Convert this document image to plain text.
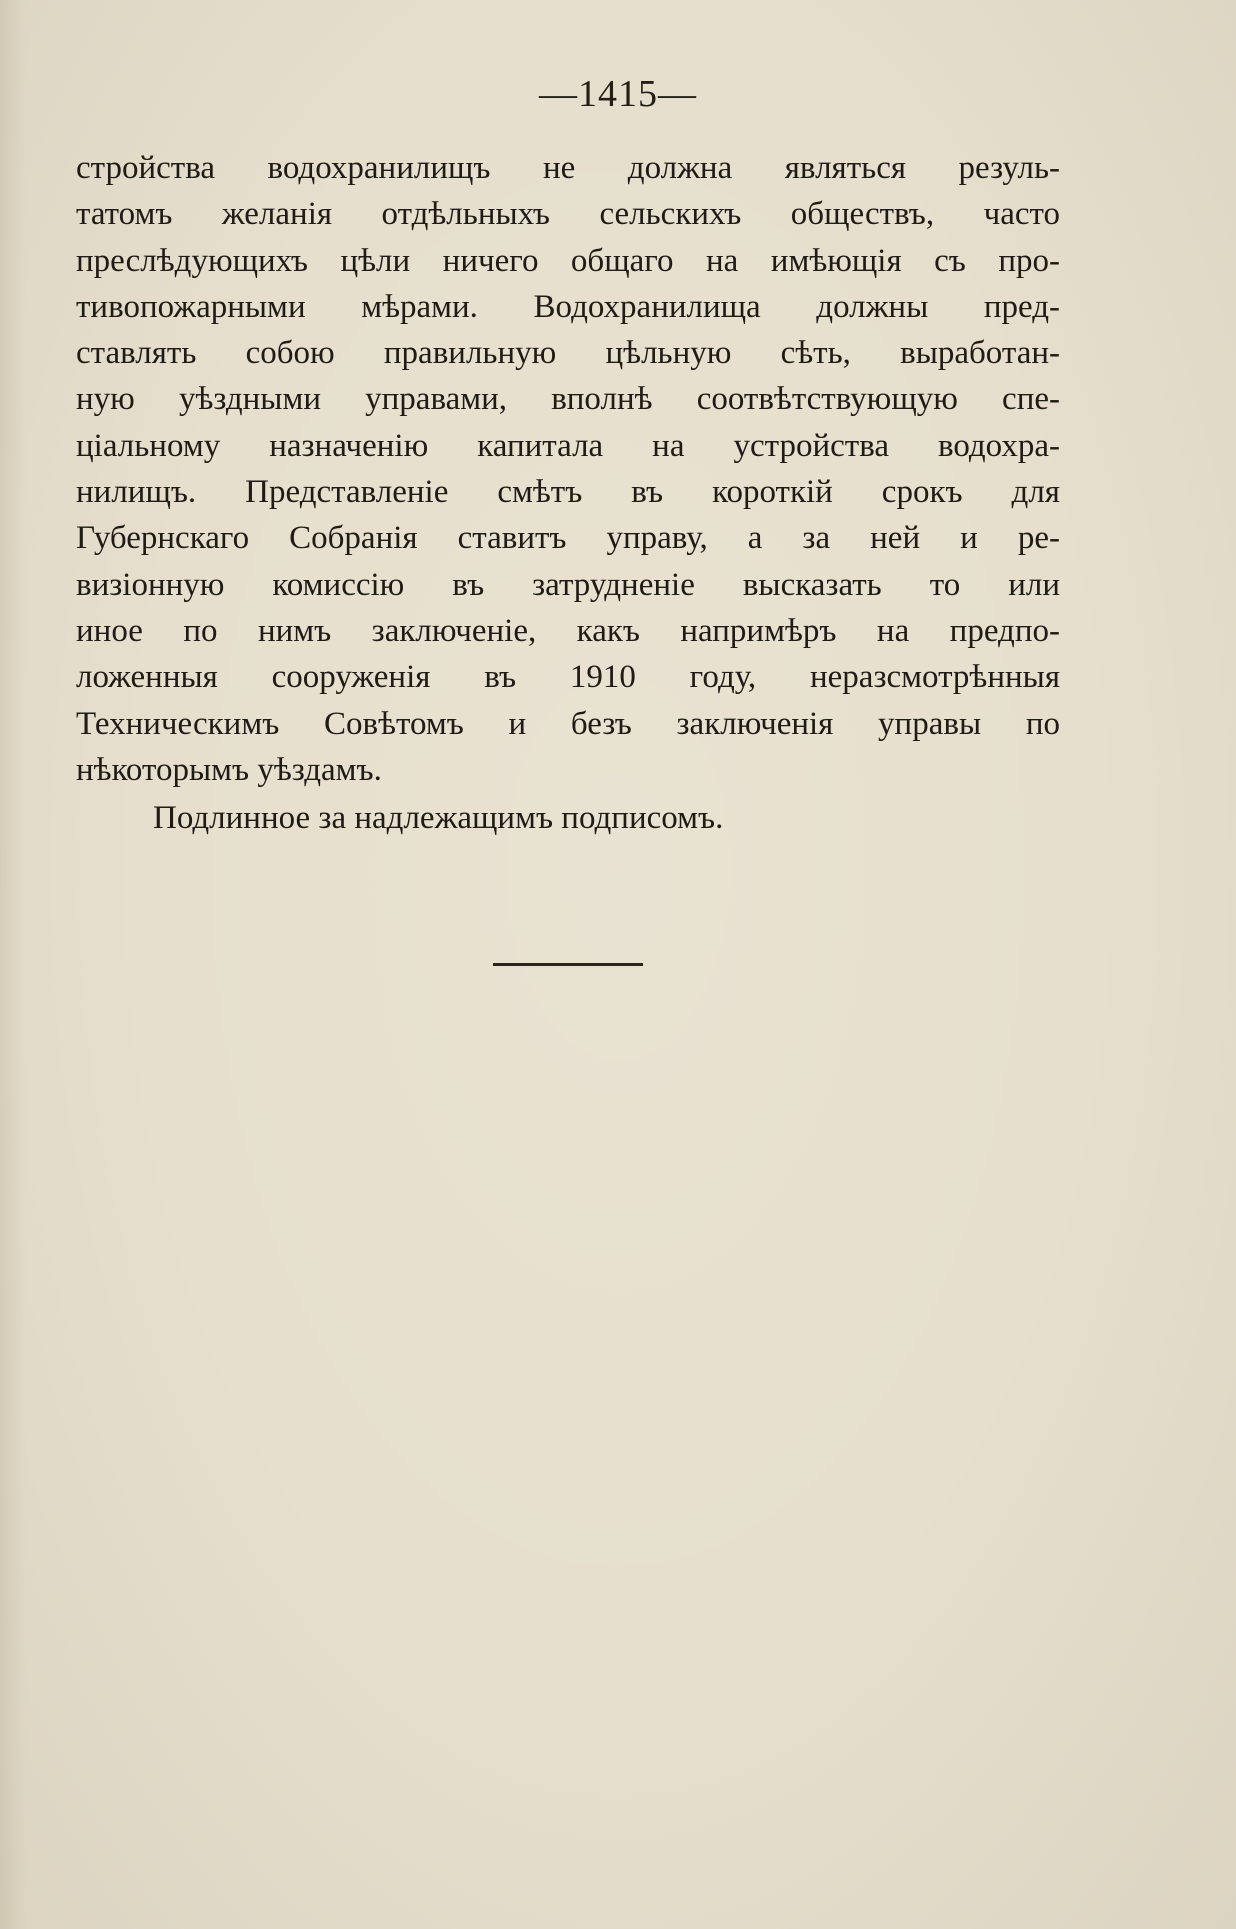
—1415—
стройства водохранилищъ не должна являться резуль-
татомъ желанія отдѣльныхъ сельскихъ обществъ, часто
преслѣдующихъ цѣли ничего общаго на имѣющія съ про-
тивопожарными мѣрами. Водохранилища должны пред-
ставлять собою правильную цѣльную сѣть, выработан-
ную уѣздными управами, вполнѣ соотвѣтствующую спе-
ціальному назначенію капитала на устройства водохра-
нилищъ. Представленіе смѣтъ въ короткій срокъ для
Губернскаго Собранія ставитъ управу, а за ней и ре-
визіонную комиссію въ затрудненіе высказать то или
иное по нимъ заключеніе, какъ напримѣръ на предпо-
ложенныя сооруженія въ 1910 году, неразсмотрѣнныя
Техническимъ Совѣтомъ и безъ заключенія управы по
нѣкоторымъ уѣздамъ.
Подлинное за надлежащимъ подписомъ.
